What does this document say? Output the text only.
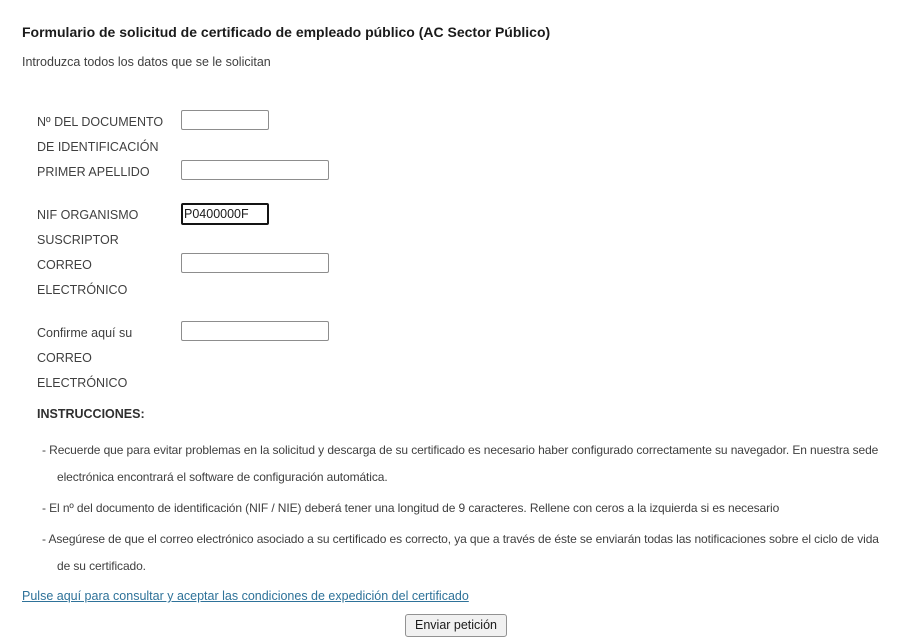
Formulario de solicitud de certificado de empleado público (AC Sector Público)

Introduzca todos los datos que se le solicitan

Nº DEL DOCUMENTO DE IDENTIFICACIÓN
PRIMER APELLIDO
NIF ORGANISMO SUSCRIPTOR
P0400000F
CORREO ELECTRÓNICO
Confirme aquí su CORREO ELECTRÓNICO

INSTRUCCIONES:

- Recuerde que para evitar problemas en la solicitud y descarga de su certificado es necesario haber configurado correctamente su navegador. En nuestra sede electrónica encontrará el software de configuración automática.
- El nº del documento de identificación (NIF / NIE) deberá tener una longitud de 9 caracteres. Rellene con ceros a la izquierda si es necesario
- Asegúrese de que el correo electrónico asociado a su certificado es correcto, ya que a través de éste se enviarán todas las notificaciones sobre el ciclo de vida de su certificado.
Pulse aquí para consultar y aceptar las condiciones de expedición del certificado
Enviar petición
